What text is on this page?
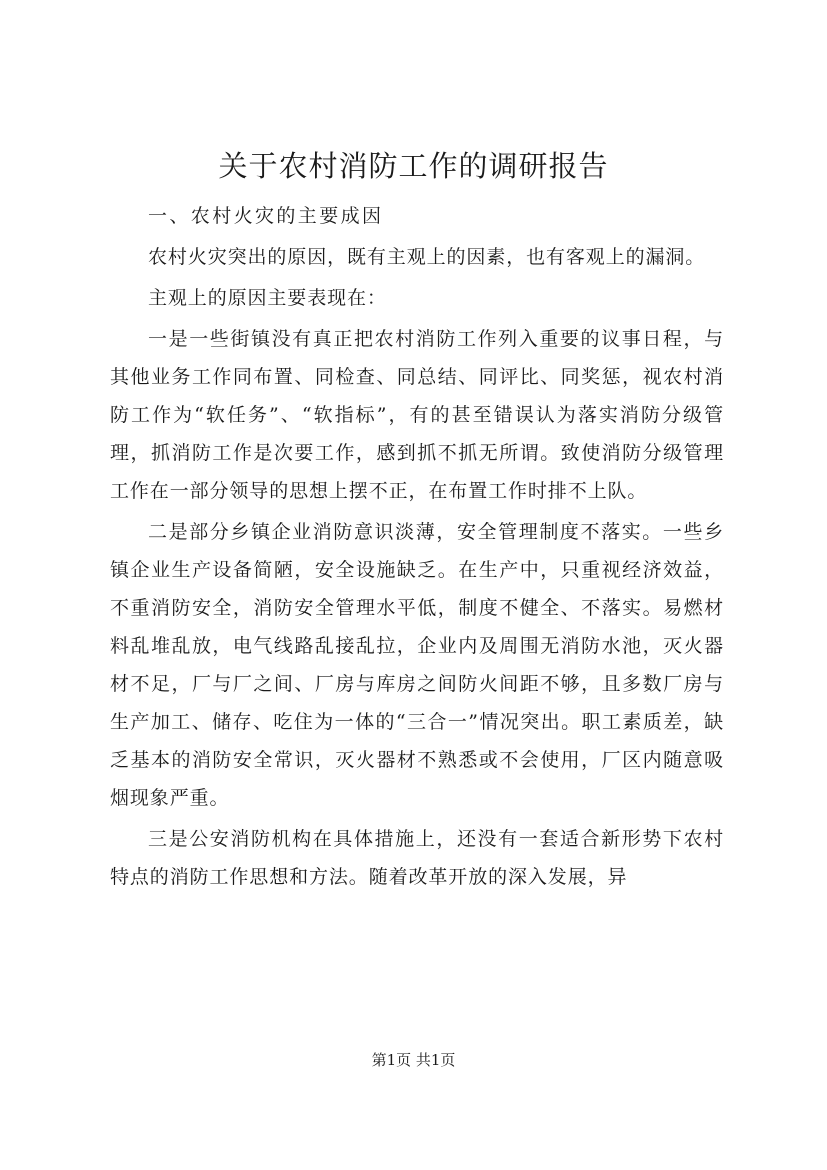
关于农村消防工作的调研报告

一、农村火灾的主要成因

农村火灾突出的原因，既有主观上的因素，也有客观上的漏洞。

主观上的原因主要表现在：

一是一些街镇没有真正把农村消防工作列入重要的议事日程，与其他业务工作同布置、同检查、同总结、同评比、同奖惩，视农村消防工作为“软任务”、“软指标”，有的甚至错误认为落实消防分级管理，抓消防工作是次要工作，感到抓不抓无所谓。致使消防分级管理工作在一部分领导的思想上摆不正，在布置工作时排不上队。

二是部分乡镇企业消防意识淡薄，安全管理制度不落实。一些乡镇企业生产设备简陋，安全设施缺乏。在生产中，只重视经济效益，不重消防安全，消防安全管理水平低，制度不健全、不落实。易燃材料乱堆乱放，电气线路乱接乱拉，企业内及周围无消防水池，灭火器材不足，厂与厂之间、厂房与库房之间防火间距不够，且多数厂房与生产加工、储存、吃住为一体的“三合一”情况突出。职工素质差，缺乏基本的消防安全常识，灭火器材不熟悉或不会使用，厂区内随意吸烟现象严重。

三是公安消防机构在具体措施上，还没有一套适合新形势下农村特点的消防工作思想和方法。随着改革开放的深入发展，异

第1页 共1页
